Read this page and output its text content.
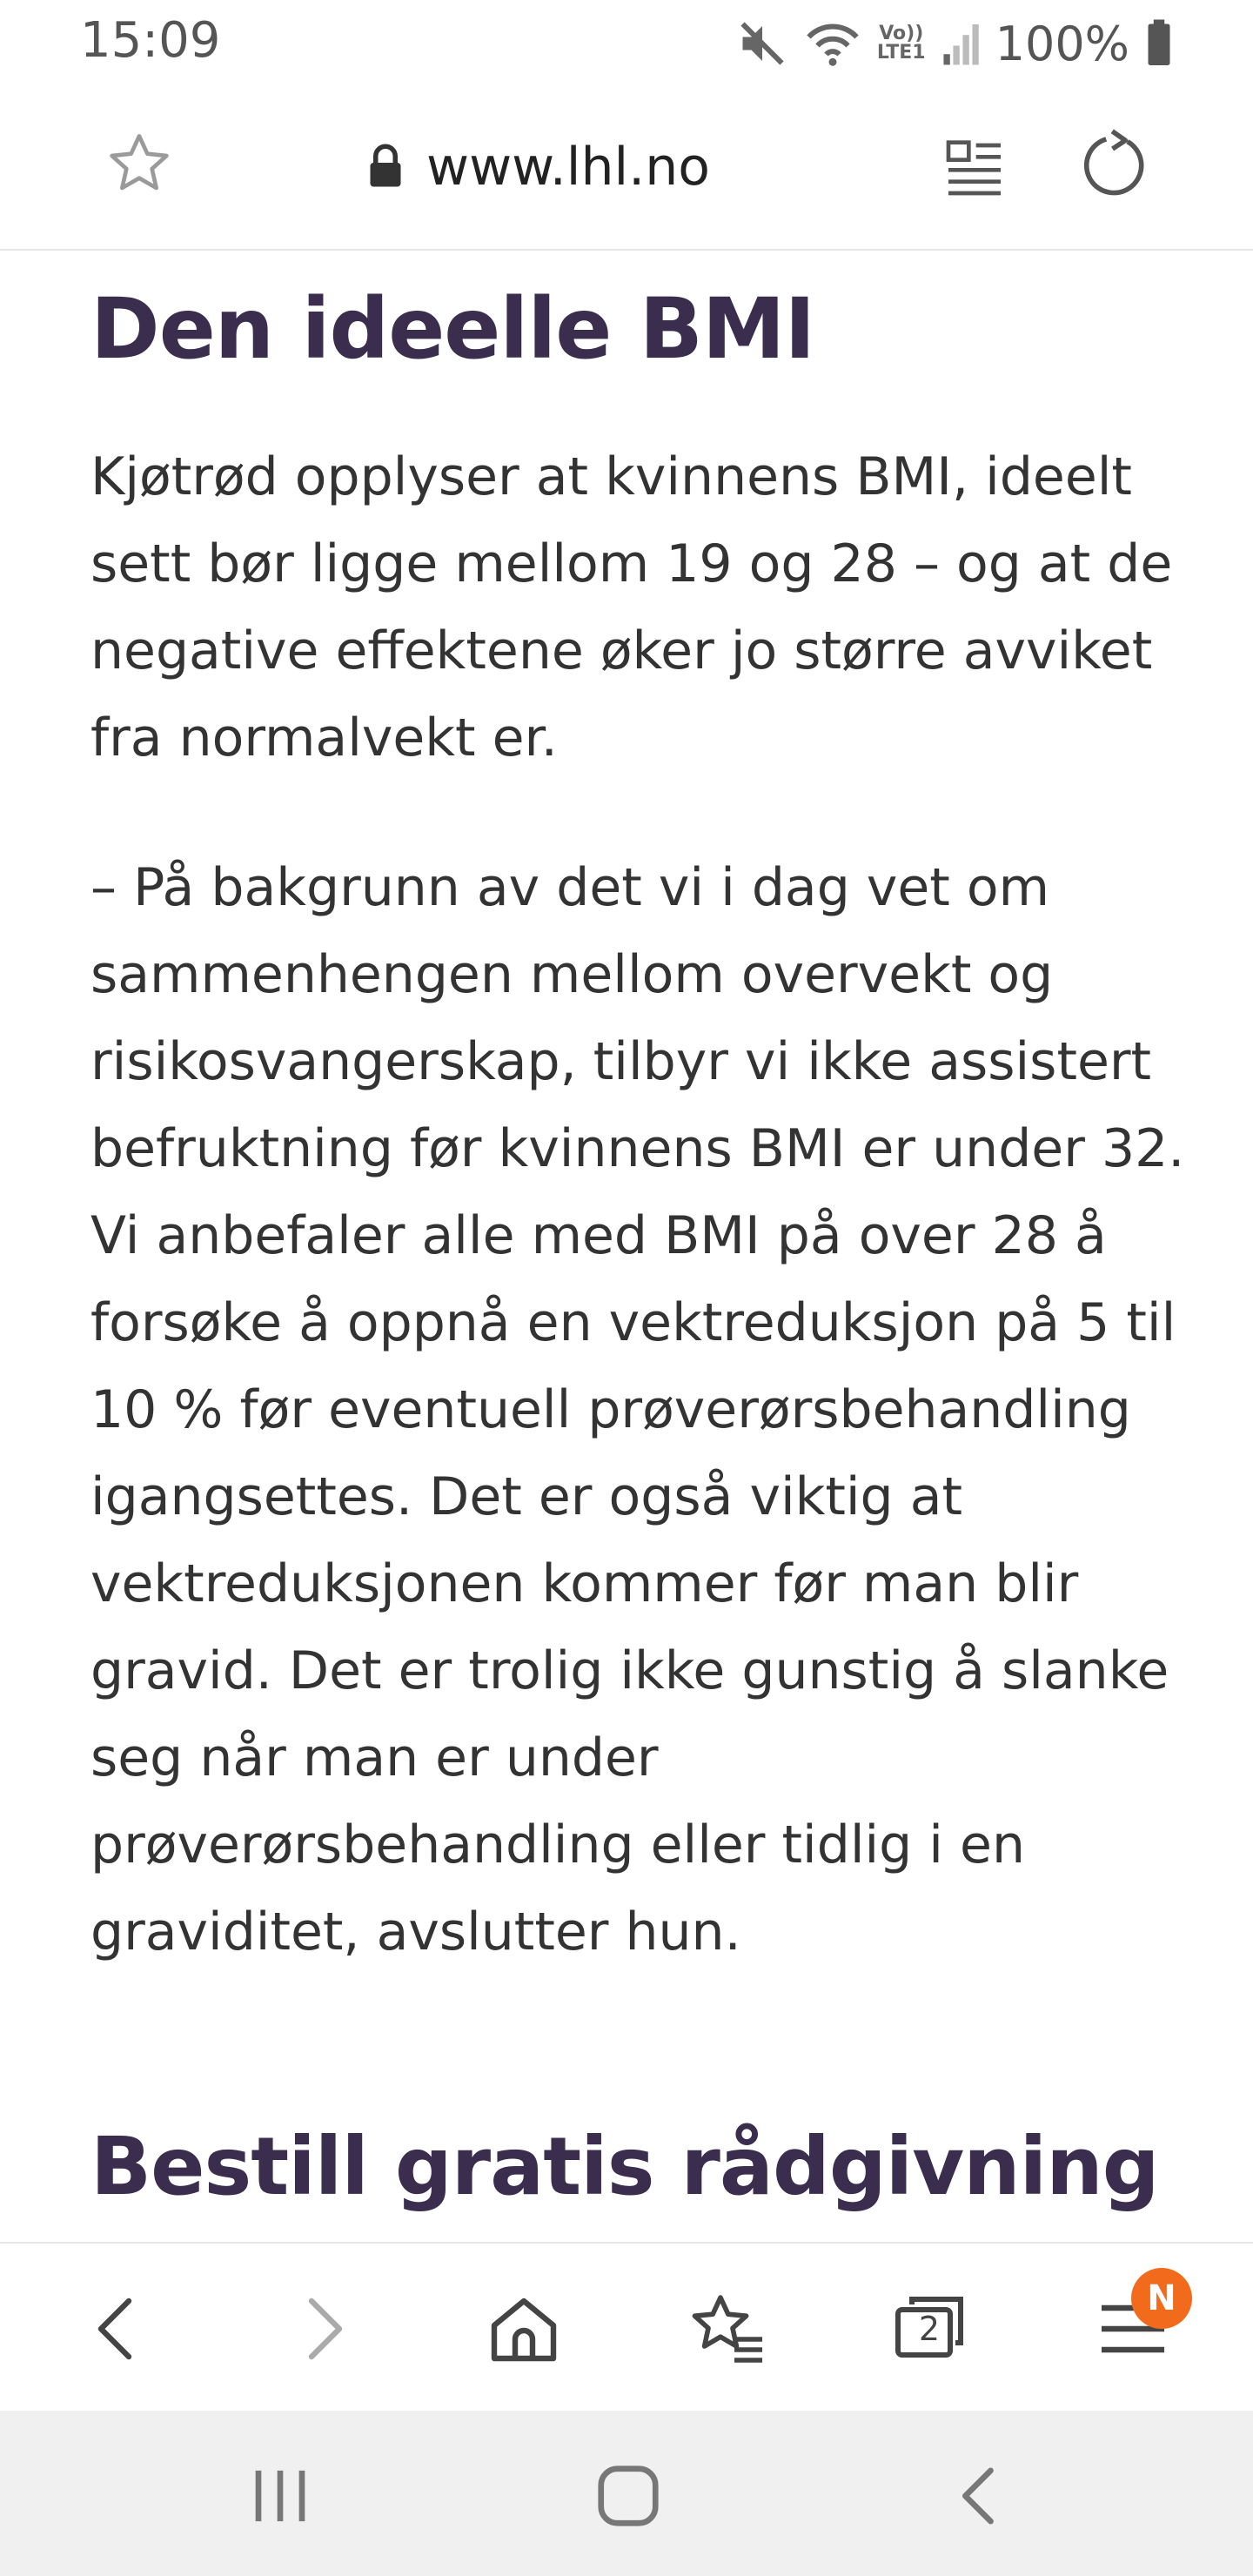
15:09	Vo))
LTE1 100%
www.lhl.no
Den ideelle BMI

Kjøtrød opplyser at kvinnens BMI, ideelt sett bør ligge mellom 19 og 28 – og at de negative effektene øker jo større avviket fra normalvekt er.

– På bakgrunn av det vi i dag vet om sammenhengen mellom overvekt og risikosvangerskap, tilbyr vi ikke assistert befruktning før kvinnens BMI er under 32. Vi anbefaler alle med BMI på over 28 å forsøke å oppnå en vektreduksjon på 5 til 10 % før eventuell prøverørsbehandling igangsettes. Det er også viktig at vektreduksjonen kommer før man blir gravid. Det er trolig ikke gunstig å slanke seg når man er under prøverørsbehandling eller tidlig i en graviditet, avslutter hun.

Bestill gratis rådgivning
2
N
